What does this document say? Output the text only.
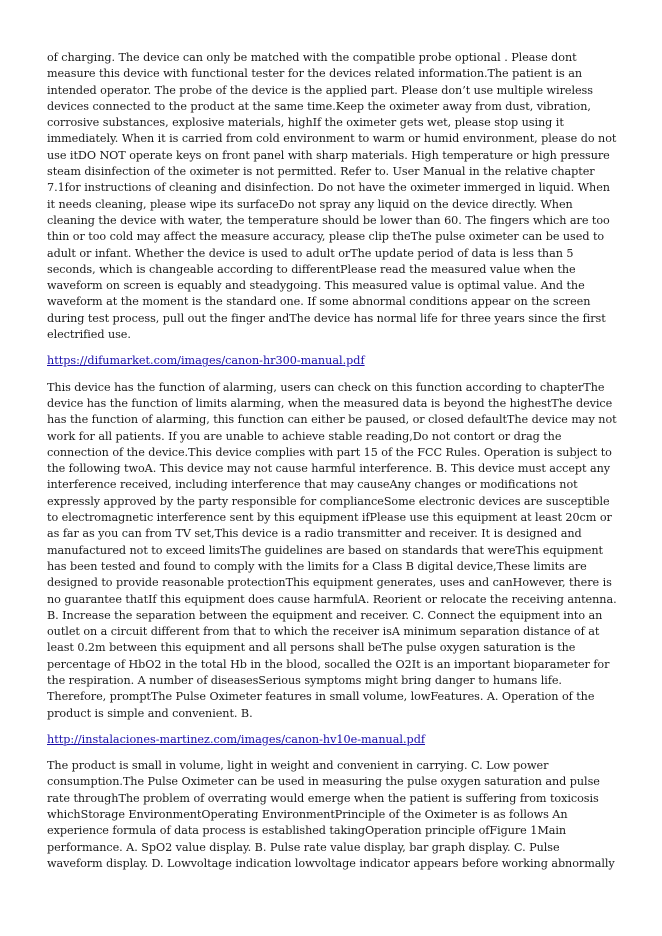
of charging. The device can only be matched with the compatible probe optional . Please dont measure this device with functional tester for the devices related information.The patient is an intended operator. The probe of the device is the applied part. Please don’t use multiple wireless devices connected to the product at the same time.Keep the oximeter away from dust, vibration, corrosive substances, explosive materials, highIf the oximeter gets wet, please stop using it immediately. When it is carried from cold environment to warm or humid environment, please do not use itDO NOT operate keys on front panel with sharp materials. High temperature or high pressure steam disinfection of the oximeter is not permitted. Refer to. User Manual in the relative chapter 7.1for instructions of cleaning and disinfection. Do not have the oximeter immerged in liquid. When it needs cleaning, please wipe its surfaceDo not spray any liquid on the device directly. When cleaning the device with water, the temperature should be lower than 60. The fingers which are too thin or too cold may affect the measure accuracy, please clip theThe pulse oximeter can be used to adult or infant. Whether the device is used to adult orThe update period of data is less than 5 seconds, which is changeable according to differentPlease read the measured value when the waveform on screen is equably and steadygoing. This measured value is optimal value. And the waveform at the moment is the standard one. If some abnormal conditions appear on the screen during test process, pull out the finger andThe device has normal life for three years since the first electrified use.

https://difumarket.com/images/canon-hr300-manual.pdf

This device has the function of alarming, users can check on this function according to chapterThe device has the function of limits alarming, when the measured data is beyond the highestThe device has the function of alarming, this function can either be paused, or closed defaultThe device may not work for all patients. If you are unable to achieve stable reading,Do not contort or drag the connection of the device.This device complies with part 15 of the FCC Rules. Operation is subject to the following twoA. This device may not cause harmful interference. B. This device must accept any interference received, including interference that may causeAny changes or modifications not expressly approved by the party responsible for complianceSome electronic devices are susceptible to electromagnetic interference sent by this equipment ifPlease use this equipment at least 20cm or as far as you can from TV set,This device is a radio transmitter and receiver. It is designed and manufactured not to exceed limitsThe guidelines are based on standards that wereThis equipment has been tested and found to comply with the limits for a Class B digital device,These limits are designed to provide reasonable protectionThis equipment generates, uses and canHowever, there is no guarantee thatIf this equipment does cause harmfulA. Reorient or relocate the receiving antenna. B. Increase the separation between the equipment and receiver. C. Connect the equipment into an outlet on a circuit different from that to which the receiver isA minimum separation distance of at least 0.2m between this equipment and all persons shall beThe pulse oxygen saturation is the percentage of HbO2 in the total Hb in the blood, socalled the O2It is an important bioparameter for the respiration. A number of diseasesSerious symptoms might bring danger to humans life. Therefore, promptThe Pulse Oximeter features in small volume, lowFeatures. A. Operation of the product is simple and convenient. B.

http://instalaciones-martinez.com/images/canon-hv10e-manual.pdf

The product is small in volume, light in weight and convenient in carrying. C. Low power consumption.The Pulse Oximeter can be used in measuring the pulse oxygen saturation and pulse rate throughThe problem of overrating would emerge when the patient is suffering from toxicosis whichStorage EnvironmentOperating EnvironmentPrinciple of the Oximeter is as follows An experience formula of data process is established takingOperation principle ofFigure 1Main performance. A. SpO2 value display. B. Pulse rate value display, bar graph display. C. Pulse waveform display. D. Lowvoltage indication lowvoltage indicator appears before working abnormally
